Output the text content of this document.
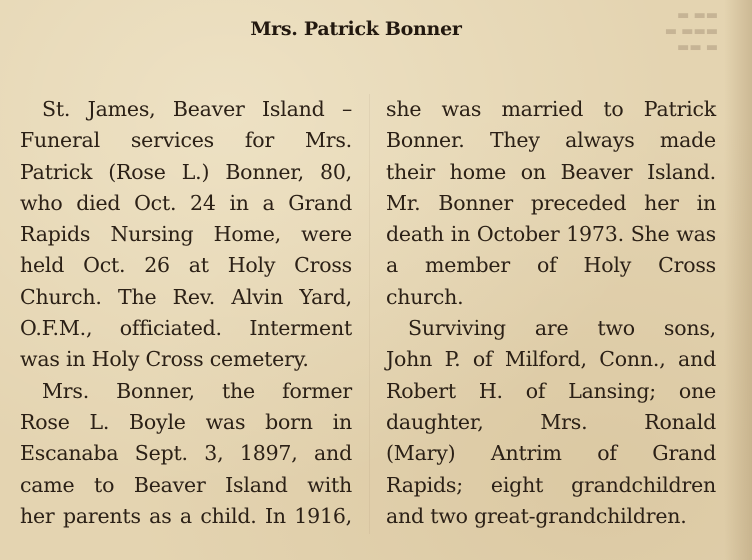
▬▬ ▬
▬▬▬ ▬
▬ ▬▬
Mrs. Patrick Bonner
St. James, Beaver Island –
Funeral services for Mrs.
Patrick (Rose L.) Bonner, 80,
who died Oct. 24 in a Grand
Rapids Nursing Home, were
held Oct. 26 at Holy Cross
Church. The Rev. Alvin Yard,
O.F.M., officiated. Interment
was in Holy Cross cemetery.
Mrs. Bonner, the former
Rose L. Boyle was born in
Escanaba Sept. 3, 1897, and
came to Beaver Island with
her parents as a child. In 1916,
she was married to Patrick
Bonner. They always made
their home on Beaver Island.
Mr. Bonner preceded her in
death in October 1973. She was
a member of Holy Cross
church.
Surviving are two sons,
John P. of Milford, Conn., and
Robert H. of Lansing; one
daughter, Mrs. Ronald
(Mary) Antrim of Grand
Rapids; eight grandchildren
and two great-grandchildren.
